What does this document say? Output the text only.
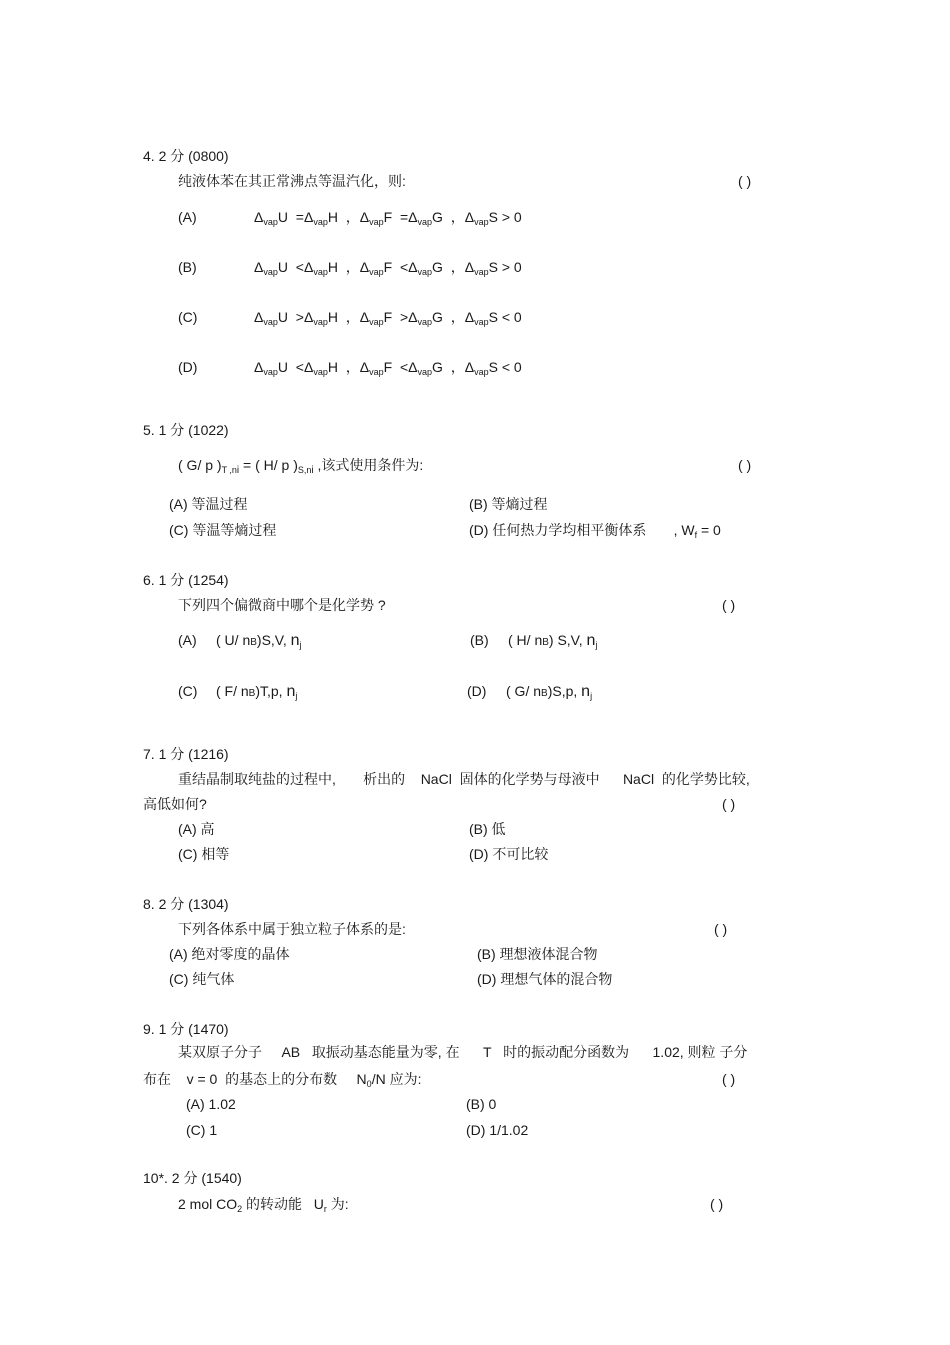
4. 2 分 (0800)
纯液体苯在其正常沸点等温汽化，则:	( )
(A)	$\Delta_{vap}U =\Delta_{vap}H$ ，$\Delta_{vap}F =\Delta_{vap}G$ ，$\Delta_{vap}S > 0$
(B)	$\Delta_{vap}U <\Delta_{vap}H$ ，$\Delta_{vap}F <\Delta_{vap}G$ ，$\Delta_{vap}S > 0$
(C)	$\Delta_{vap}U >\Delta_{vap}H$ ，$\Delta_{vap}F >\Delta_{vap}G$ ，$\Delta_{vap}S < 0$
(D)	$\Delta_{vap}U <\Delta_{vap}H$ ，$\Delta_{vap}F <\Delta_{vap}G$ ，$\Delta_{vap}S < 0$
5. 1 分 (1022)
( G/ p )$_{T ,ni}$ = ( H/ p )$_{S,ni}$ ,该式使用条件为:	( )
(A) 等温过程	(B) 等熵过程
(C) 等温等熵过程	(D) 任何热力学均相平衡体系 , $W_f = 0$
6. 1 分 (1254)
下列四个偏微商中哪个是化学势 ?	( )
(A) ( U/ nB)S,V, $n_j$	(B) ( H/ nB) S,V, $n_j$
(C) ( F/ nB)T,p, $n_j$	(D) ( G/ nB)S,p, $n_j$
7. 1 分 (1216)
重结晶制取纯盐的过程中, 析出的 NaCl 固体的化学势与母液中 NaCl 的化学势比较,
高低如何?	( )
(A) 高	(B) 低
(C) 相等	(D) 不可比较
8. 2 分 (1304)
下列各体系中属于独立粒子体系的是:	( )
(A) 绝对零度的晶体	(B) 理想液体混合物
(C) 纯气体	(D) 理想气体的混合物
9. 1 分 (1470)
某双原子分子 AB 取振动基态能量为零, 在 T 时的振动配分函数为 1.02, 则粒 子分
布在 v = 0 的基态上的分布数 $N_0/N$ 应为:	( )
(A) 1.02	(B) 0
(C) 1	(D) 1/1.02
10*. 2 分 (1540)
2 mol $CO_2$ 的转动能 $U_r$ 为:	( )
